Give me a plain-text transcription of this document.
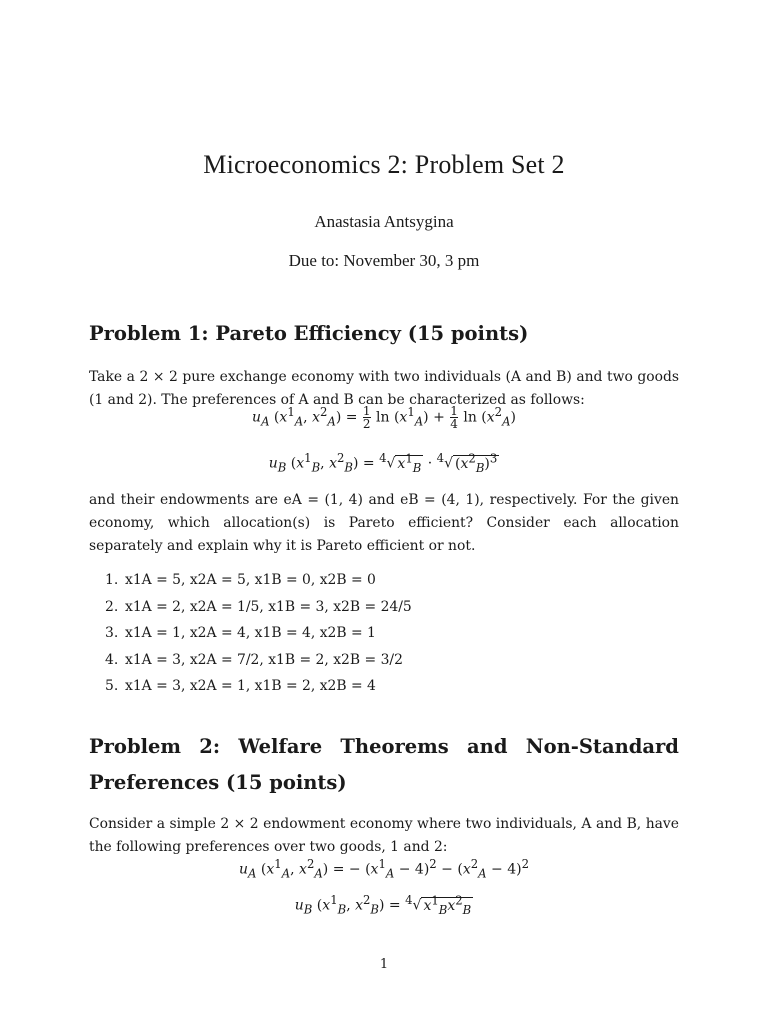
Microeconomics 2: Problem Set 2
Anastasia Antsygina
Due to: November 30, 3 pm
Problem 1: Pareto Efficiency (15 points)
Take a 2 × 2 pure exchange economy with two individuals (A and B) and two goods (1 and 2). The preferences of A and B can be characterized as follows:
$u_A$ ($x^1_A$, $x^2_A) = \frac{1}{2}$ $\ln (x^1_A) + \frac{1}{4}$ $\ln (x^2_A)$
$u_B$ ($x^1_B$, $x^2_B) = ^4√$ $x^1_B \cdot ^4√$ $(x^2_B)^3$
and their endowments are eA = (1, 4) and eB = (4, 1), respectively. For the given economy, which allocation(s) is Pareto efficient? Consider each allocation separately and explain why it is Pareto efficient or not.
1. x1A = 5, x2A = 5, x1B = 0, x2B = 0
2. x1A = 2, x2A = 1/5, x1B = 3, x2B = 24/5
3. x1A = 1, x2A = 4, x1B = 4, x2B = 1
4. x1A = 3, x2A = 7/2, x1B = 2, x2B = 3/2
5. x1A = 3, x2A = 1, x1B = 2, x2B = 4
Problem 2: Welfare Theorems and Non-Standard
Preferences (15 points)
Consider a simple 2 × 2 endowment economy where two individuals, A and B, have the following preferences over two goods, 1 and 2:
$u_A$ ($x^1_A$, $x^2_A$) = − $(x^1_A - 4)^2 - (x^2_A - 4)^2$
$u_B$ ($x^1_B$, $x^2_B) = ^4√$ $x^1_Bx^2_B$
1
